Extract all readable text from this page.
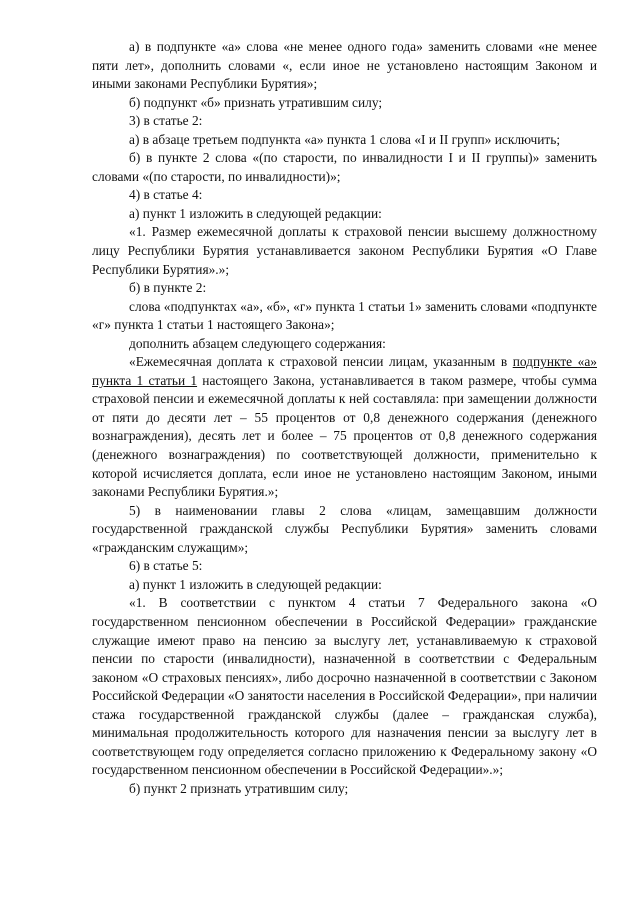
а) в подпункте «а» слова «не менее одного года» заменить словами «не менее пяти лет», дополнить словами «, если иное не установлено настоящим Законом и иными законами Республики Бурятия»;

б) подпункт «б» признать утратившим силу;

3) в статье 2:

а) в абзаце третьем подпункта «а» пункта 1 слова «I и II групп» исключить;

б) в пункте 2 слова «(по старости, по инвалидности I и II группы)» заменить словами «(по старости, по инвалидности)»;

4) в статье 4:

а) пункт 1 изложить в следующей редакции:

«1. Размер ежемесячной доплаты к страховой пенсии высшему должностному лицу Республики Бурятия устанавливается законом Республики Бурятия «О Главе Республики Бурятия».»;

б) в пункте 2:

слова «подпунктах «а», «б», «г» пункта 1 статьи 1» заменить словами «подпункте «г» пункта 1 статьи 1 настоящего Закона»;

дополнить абзацем следующего содержания:

«Ежемесячная доплата к страховой пенсии лицам, указанным в подпункте «а» пункта 1 статьи 1 настоящего Закона, устанавливается в таком размере, чтобы сумма страховой пенсии и ежемесячной доплаты к ней составляла: при замещении должности от пяти до десяти лет – 55 процентов от 0,8 денежного содержания (денежного вознаграждения), десять лет и более – 75 процентов от 0,8 денежного содержания (денежного вознаграждения) по соответствующей должности, применительно к которой исчисляется доплата, если иное не установлено настоящим Законом, иными законами Республики Бурятия.»;

5) в наименовании главы 2 слова «лицам, замещавшим должности государственной гражданской службы Республики Бурятия» заменить словами «гражданским служащим»;

6) в статье 5:

а) пункт 1 изложить в следующей редакции:

«1. В соответствии с пунктом 4 статьи 7 Федерального закона «О государственном пенсионном обеспечении в Российской Федерации» гражданские служащие имеют право на пенсию за выслугу лет, устанавливаемую к страховой пенсии по старости (инвалидности), назначенной в соответствии с Федеральным законом «О страховых пенсиях», либо досрочно назначенной в соответствии с Законом Российской Федерации «О занятости населения в Российской Федерации», при наличии стажа государственной гражданской службы (далее – гражданская служба), минимальная продолжительность которого для назначения пенсии за выслугу лет в соответствующем году определяется согласно приложению к Федеральному закону «О государственном пенсионном обеспечении в Российской Федерации».»;

б) пункт 2 признать утратившим силу;
